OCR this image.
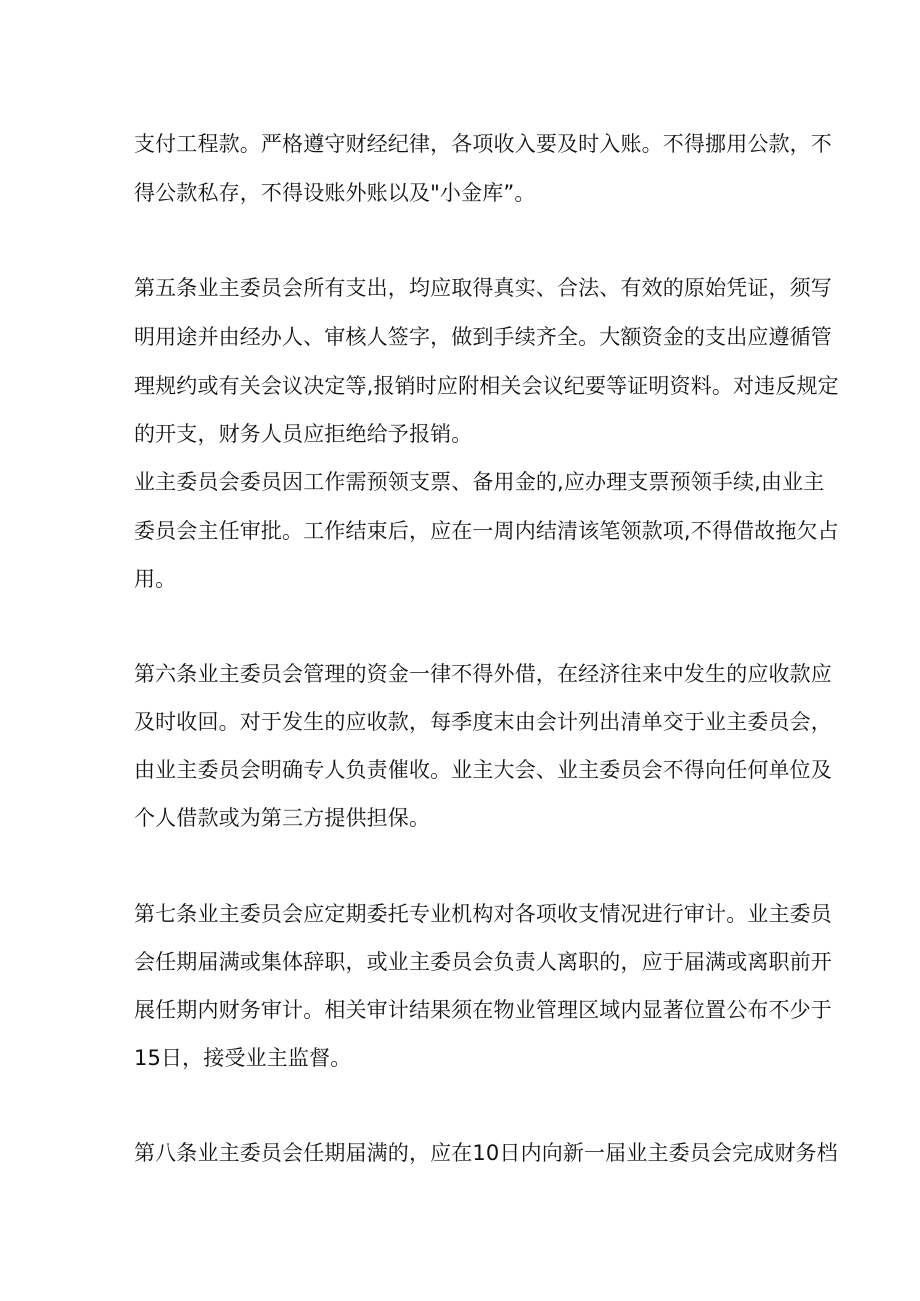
支付工程款。严格遵守财经纪律，各项收入要及时入账。不得挪用公款，不
得公款私存，不得设账外账以及"小金库”。
第五条业主委员会所有支出，均应取得真实、合法、有效的原始凭证，须写
明用途并由经办人、审核人签字，做到手续齐全。大额资金的支出应遵循管
理规约或有关会议决定等,报销时应附相关会议纪要等证明资料。对违反规定
的开支，财务人员应拒绝给予报销。
业主委员会委员因工作需预领支票、备用金的,应办理支票预领手续,由业主
委员会主任审批。工作结束后，应在一周内结清该笔领款项,不得借故拖欠占
用。
第六条业主委员会管理的资金一律不得外借，在经济往来中发生的应收款应
及时收回。对于发生的应收款，每季度末由会计列出清单交于业主委员会，
由业主委员会明确专人负责催收。业主大会、业主委员会不得向任何单位及
个人借款或为第三方提供担保。
第七条业主委员会应定期委托专业机构对各项收支情况进行审计。业主委员
会任期届满或集体辞职，或业主委员会负责人离职的，应于届满或离职前开
展任期内财务审计。相关审计结果须在物业管理区域内显著位置公布不少于
15日，接受业主监督。
第八条业主委员会任期届满的，应在10日内向新一届业主委员会完成财务档
